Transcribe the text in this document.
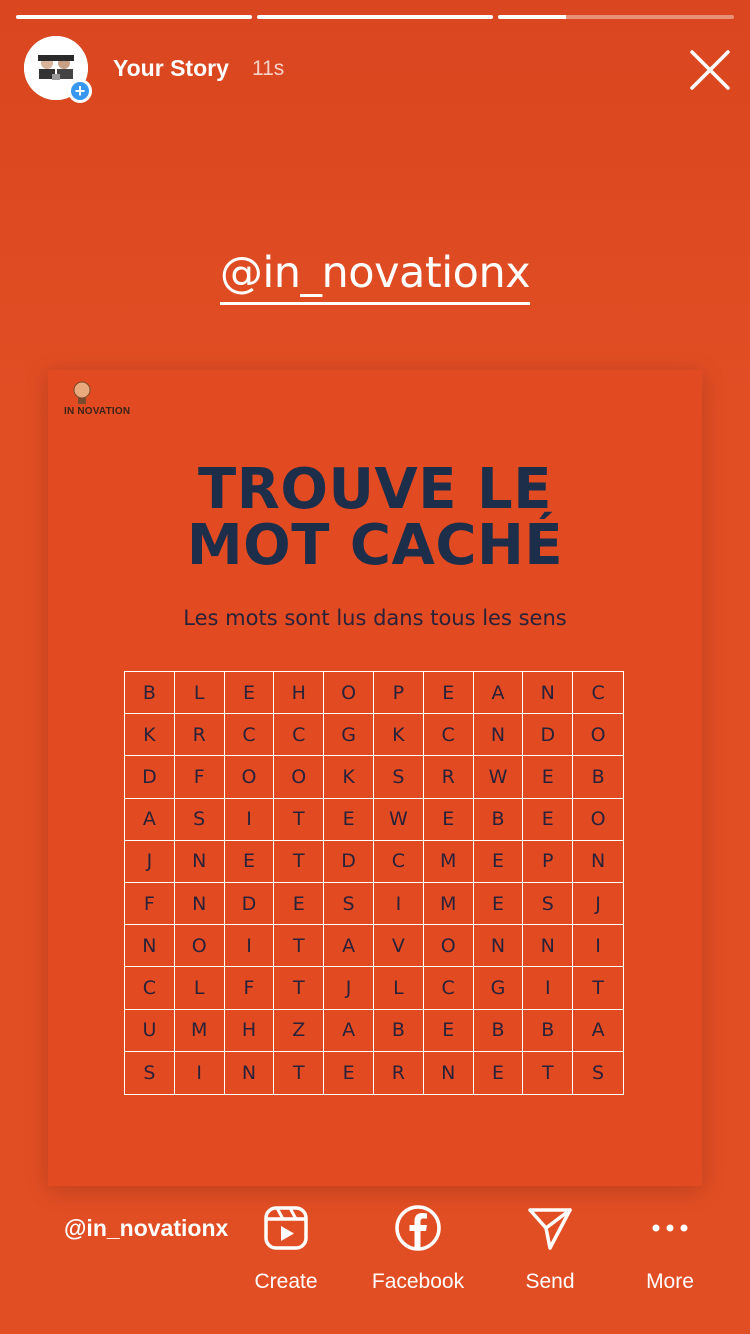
+
Your Story 11s
@in_novationx
IN NOVATION
TROUVE LE
MOT CACHÉ
Les mots sont lus dans tous les sens
B	L	E	H	O	P	E	A	N	C
K	R	C	C	G	K	C	N	D	O
D	F	O	O	K	S	R	W	E	B
A	S	I	T	E	W	E	B	E	O
J	N	E	T	D	C	M	E	P	N
F	N	D	E	S	I	M	E	S	J
N	O	I	T	A	V	O	N	N	I
C	L	F	T	J	L	C	G	I	T
U	M	H	Z	A	B	E	B	B	A
S	I	N	T	E	R	N	E	T	S
@in_novationx
Create	Facebook	Send	More
